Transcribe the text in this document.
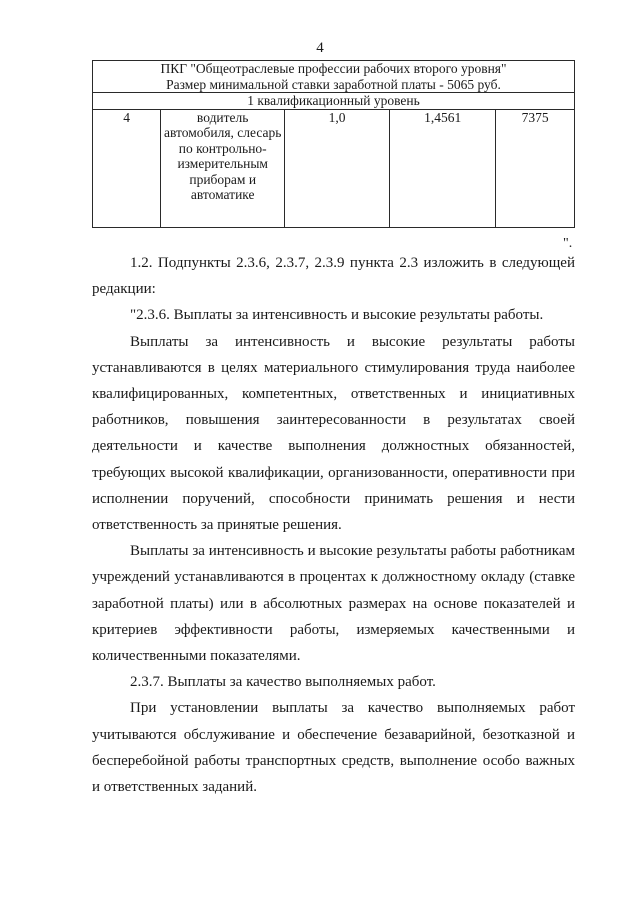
4
ПКГ "Общеотраслевые профессии рабочих второго уровня"
Размер минимальной ставки заработной платы - 5065 руб.

1 квалификационный уровень
4	водитель автомобиля, слесарь по контрольно-измерительным приборам и автоматике	1,0	1,4561	7375
".

1.2. Подпункты 2.3.6, 2.3.7, 2.3.9 пункта 2.3 изложить в следующей редакции:

"2.3.6. Выплаты за интенсивность и высокие результаты работы.

Выплаты за интенсивность и высокие результаты работы устанавливаются в целях материального стимулирования труда наиболее квалифицированных, компетентных, ответственных и инициативных работников, повышения заинтересованности в результатах своей деятельности и качестве выполнения должностных обязанностей, требующих высокой квалификации, организованности, оперативности при исполнении поручений, способности принимать решения и нести ответственность за принятые решения.

Выплаты за интенсивность и высокие результаты работы работникам учреждений устанавливаются в процентах к должностному окладу (ставке заработной платы) или в абсолютных размерах на основе показателей и критериев эффективности работы, измеряемых качественными и количественными показателями.

2.3.7. Выплаты за качество выполняемых работ.

При установлении выплаты за качество выполняемых работ учитываются обслуживание и обеспечение безаварийной, безотказной и бесперебойной работы транспортных средств, выполнение особо важных и ответственных заданий.
